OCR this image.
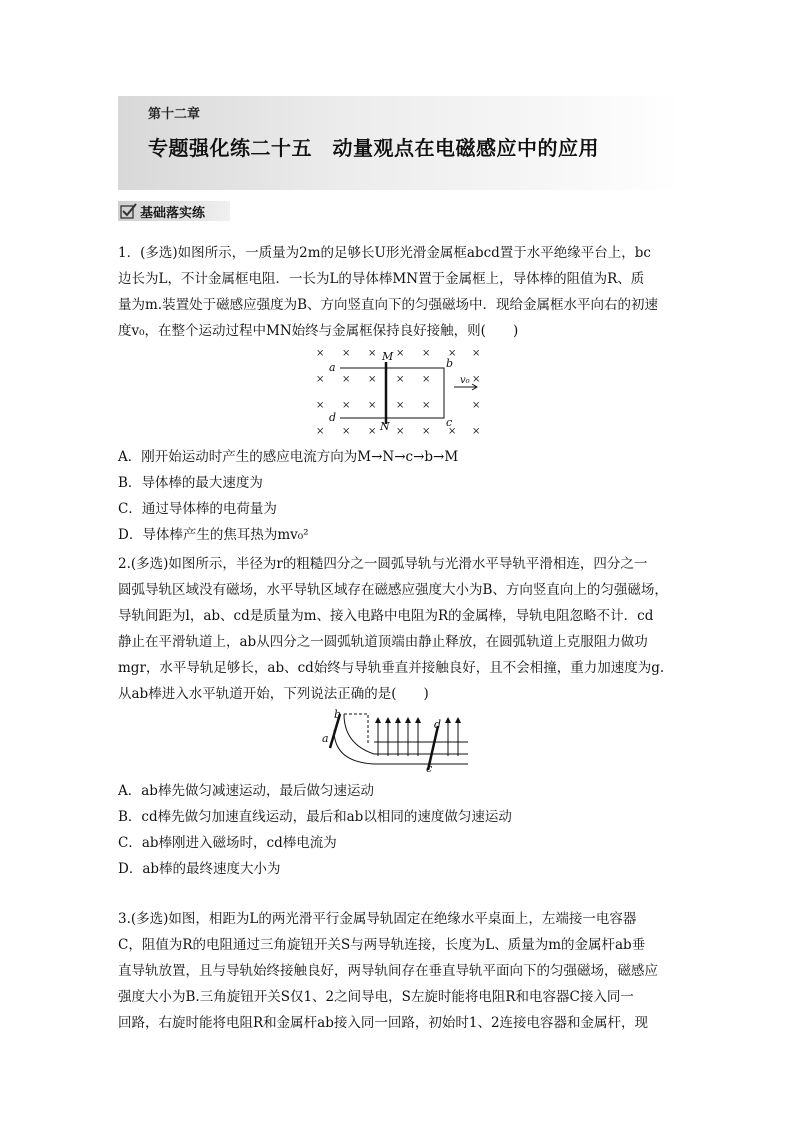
第十二章
专题强化练二十五　动量观点在电磁感应中的应用
基础落实练
1．(多选)如图所示，一质量为2m的足够长U形光滑金属框abcd置于水平绝缘平台上，bc
边长为L，不计金属框电阻．一长为L的导体棒MN置于金属框上，导体棒的阻值为R、质
量为m.装置处于磁感应强度为B、方向竖直向下的匀强磁场中．现给金属框水平向右的初速
度v₀，在整个运动过程中MN始终与金属框保持良好接触，则(　　)
× × × × × × ×
× × × × ×	×
× × × × ×	×
× × × × × × ×
M
N
a	b
c
d
v₀
A．刚开始运动时产生的感应电流方向为M→N→c→b→M
B．导体棒的最大速度为
C．通过导体棒的电荷量为
D．导体棒产生的焦耳热为mv₀²
2.(多选)如图所示，半径为r的粗糙四分之一圆弧导轨与光滑水平导轨平滑相连，四分之一
圆弧导轨区域没有磁场，水平导轨区域存在磁感应强度大小为B、方向竖直向上的匀强磁场，
导轨间距为l，ab、cd是质量为m、接入电路中电阻为R的金属棒，导轨电阻忽略不计．cd
静止在平滑轨道上，ab从四分之一圆弧轨道顶端由静止释放，在圆弧轨道上克服阻力做功
mgr，水平导轨足够长，ab、cd始终与导轨垂直并接触良好，且不会相撞，重力加速度为g.
从ab棒进入水平轨道开始，下列说法正确的是(　　)
b
a
d
c
A．ab棒先做匀减速运动，最后做匀速运动
B．cd棒先做匀加速直线运动，最后和ab以相同的速度做匀速运动
C．ab棒刚进入磁场时，cd棒电流为
D．ab棒的最终速度大小为
3.(多选)如图，相距为L的两光滑平行金属导轨固定在绝缘水平桌面上，左端接一电容器
C，阻值为R的电阻通过三角旋钮开关S与两导轨连接，长度为L、质量为m的金属杆ab垂
直导轨放置，且与导轨始终接触良好，两导轨间存在垂直导轨平面向下的匀强磁场，磁感应
强度大小为B.三角旋钮开关S仅1、2之间导电，S左旋时能将电阻R和电容器C接入同一
回路，右旋时能将电阻R和金属杆ab接入同一回路，初始时1、2连接电容器和金属杆，现
